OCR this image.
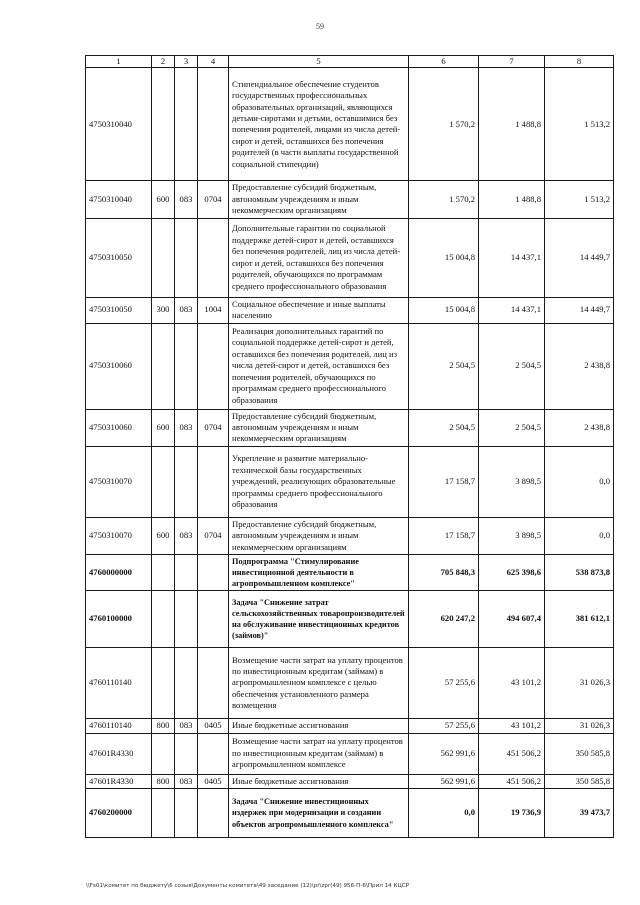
59
1	2	3	4	5	6	7	8
4750310040				Стипендиальное обеспечение студентов государственных профессиональных образовательных организаций, являющихся детьми-сиротами и детьми, оставшимися без попечения родителей, лицами из числа детей-сирот и детей, оставшихся без попечения родителей (в части выплаты государственной социальной стипендии)	1 570,2	1 488,8	1 513,2
4750310040	600	083	0704	Предоставление субсидий бюджетным, автономным учреждениям и иным некоммерческим организациям	1 570,2	1 488,8	1 513,2
4750310050				Дополнительные гарантии по социальной поддержке детей-сирот и детей, оставшихся без попечения родителей, лиц из числа детей-сирот и детей, оставшихся без попечения родителей, обучающихся по программам среднего профессионального образования	15 004,8	14 437,1	14 449,7
4750310050	300	083	1004	Социальное обеспечение и иные выплаты населению	15 004,8	14 437,1	14 449,7
4750310060				Реализация дополнительных гарантий по социальной поддержке детей-сирот и детей, оставшихся без попечения родителей, лиц из числа детей-сирот и детей, оставшихся без попечения родителей, обучающихся по программам среднего профессионального образования	2 504,5	2 504,5	2 438,8
4750310060	600	083	0704	Предоставление субсидий бюджетным, автономным учреждениям и иным некоммерческим организациям	2 504,5	2 504,5	2 438,8
4750310070				Укрепление и развитие материально-технической базы государственных учреждений, реализующих образовательные программы среднего профессионального образования	17 158,7	3 898,5	0,0
4750310070	600	083	0704	Предоставление субсидий бюджетным, автономным учреждениям и иным некоммерческим организациям	17 158,7	3 898,5	0,0
4760000000				Подпрограмма "Стимулирование инвестиционной деятельности в агропромышленном комплексе"	705 848,3	625 398,6	538 873,8
4760100000				Задача "Снижение затрат сельскохозяйственных товаропроизводителей на обслуживание инвестиционных кредитов (займов)"	620 247,2	494 607,4	381 612,1
4760110140				Возмещение части затрат на уплату процентов по инвестиционным кредитам (займам) в агропромышленном комплексе с целью обеспечения установленного размера возмещения	57 255,6	43 101,2	31 026,3
4760110140	800	083	0405	Иные бюджетные ассигнования	57 255,6	43 101,2	31 026,3
47601R4330				Возмещение части затрат на уплату процентов по инвестиционным кредитам (займам) в агропромышленном комплексе	562 991,6	451 506,2	350 585,8
47601R4330	800	083	0405	Иные бюджетные ассигнования	562 991,6	451 506,2	350 585,8
4760200000				Задача "Снижение инвестиционных издержек при модернизации и создании объектов агропромышленного комплекса"	0,0	19 736,9	39 473,7
\\Fs01\комитет по бюджету\6 созыв\Документы комитета\49 заседание (12)\pr\zpr(49) 956-П-6\Прил 14 КЦСР
